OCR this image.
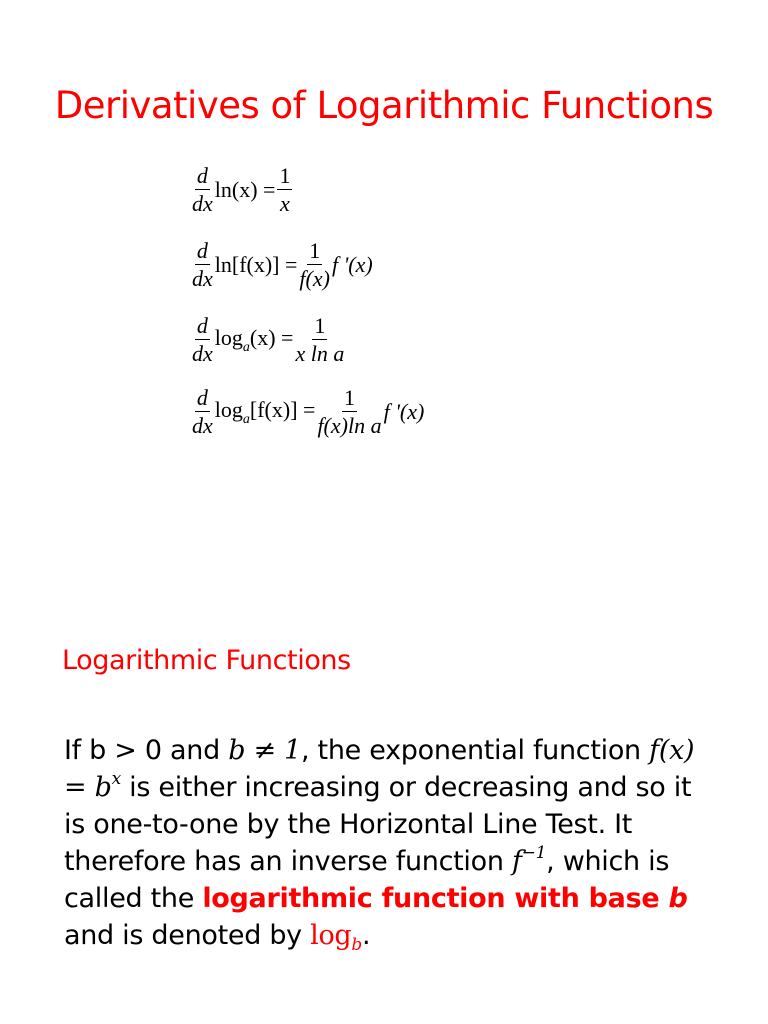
Derivatives of Logarithmic Functions
$\frac{d}{dx} \ln(x) = \frac{1}{x}$
$\frac{d}{dx} \ln[f(x)] = \frac{1}{f(x)}$ f '(x)
$\frac{d}{dx} \log_a(x) = \frac{1}{\text{x ln a}}$
$\frac{d}{dx} \log_a[f(x)] = \frac{1}{\text{f(x)ln a}}$ f '(x)
Logarithmic Functions
If b > 0 and b ≠ 1, the exponential function $f(x) = b^x$ is either increasing or decreasing and so it is one-to-one by the Horizontal Line Test. It therefore has an inverse function $f^{-1}$, which is called the logarithmic function with base b and is denoted by $\log_b$.
